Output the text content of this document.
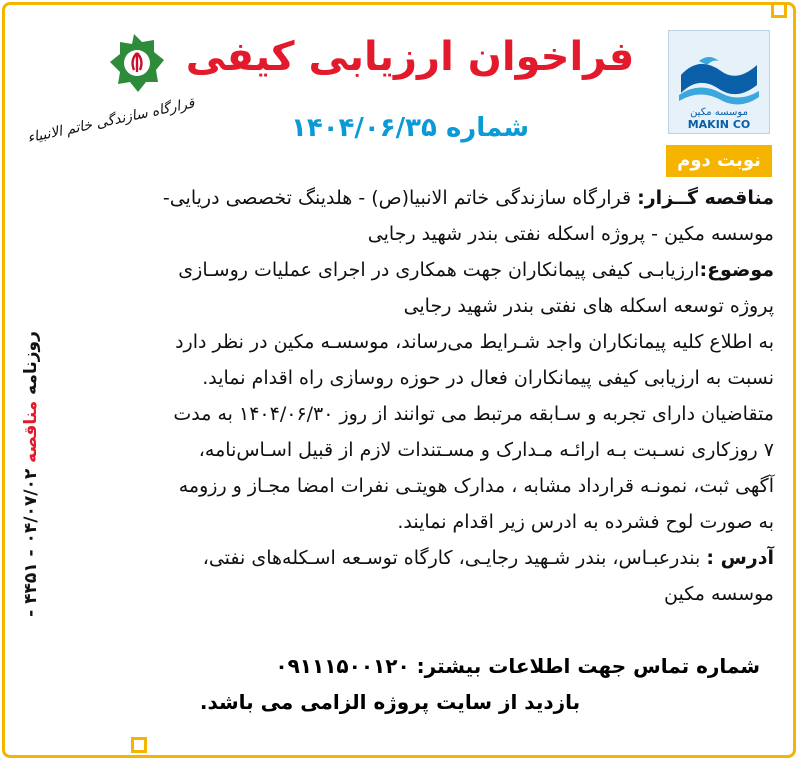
موسسه مکین
MAKIN CO
قرارگاه سازندگی خاتم الانبیاء
فراخوان ارزیابی کیفی
شماره ۱۴۰۴/۰۶/۳۵
نوبت دوم
مناقصه گــزار: قرارگاه سازندگی خاتم الانبیا(ص) - هلدینگ تخصصی دریایی-
موسسه مکین - پروژه اسکله نفتی بندر شهید رجایی
موضوع:ارزیابـی کیفی پیمانکاران جهت همکاری در اجرای عملیات روسـازی
پروژه توسعه اسکله های نفتی بندر شهید رجایی
به اطلاع کلیه پیمانکاران واجد شـرایط می‌رساند، موسسـه مکین در نظر دارد
نسبت به ارزیابی کیفی پیمانکاران فعال در حوزه روسازی راه اقدام نماید.
متقاضیان دارای تجربه و سـابقه مرتبط می توانند از روز ۱۴۰۴/۰۶/۳۰ به مدت
۷ روزکاری نسـبت بـه ارائـه مـدارک و مسـتندات لازم از قبیل اسـاس‌نامه،
آگهی ثبت، نمونـه قرارداد مشابه ، مدارک هویتـی نفرات امضا مجـاز و رزومه
به صورت لوح فشرده به ادرس زیر اقدام نمایند.
آدرس : بندرعبـاس، بندر شـهید رجایـی، کارگاه توسـعه اسـکله‌های نفتی،
موسسه مکین
شماره تماس جهت اطلاعات بیشتر: ۰۹۱۱۱۵۰۰۱۲۰
بازدید از سایت پروژه الزامی می باشد.
روزنامه مناقصه ۰۴/۰۷/۰۲ - ۴۴۵۱ -
